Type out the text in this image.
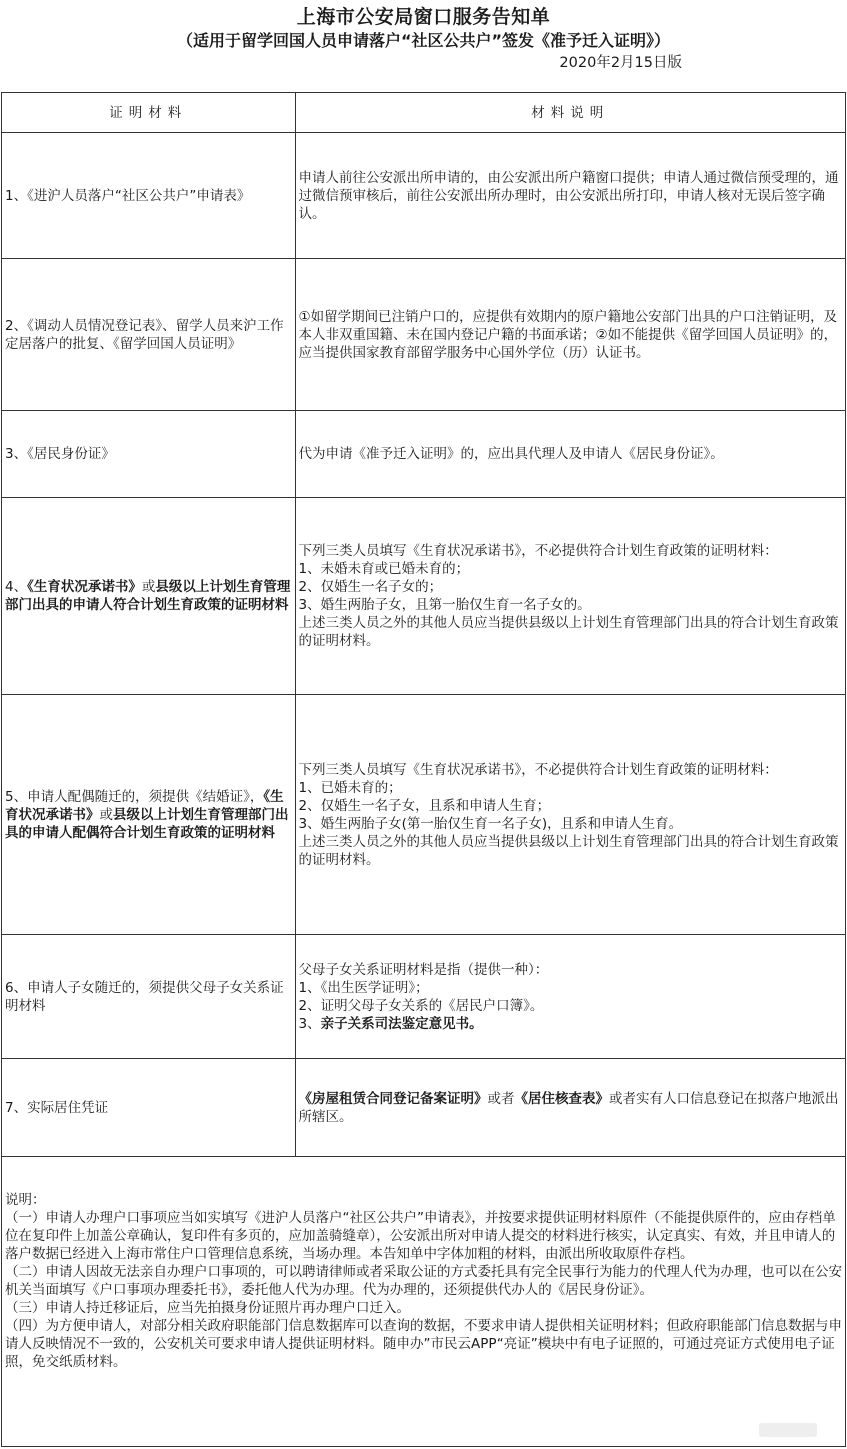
上海市公安局窗口服务告知单
（适用于留学回国人员申请落户“社区公共户”签发《准予迁入证明》）
2020年2月15日版
证明材料	材料说明
1、《进沪人员落户“社区公共户”申请表》	申请人前往公安派出所申请的，由公安派出所户籍窗口提供；申请人通过微信预受理的，通过微信预审核后，前往公安派出所办理时，由公安派出所打印，申请人核对无误后签字确认。
2、《调动人员情况登记表》、留学人员来沪工作定居落户的批复、《留学回国人员证明》	①如留学期间已注销户口的，应提供有效期内的原户籍地公安部门出具的户口注销证明，及本人非双重国籍、未在国内登记户籍的书面承诺；②如不能提供《留学回国人员证明》的，应当提供国家教育部留学服务中心国外学位（历）认证书。
3、《居民身份证》	代为申请《准予迁入证明》的，应出具代理人及申请人《居民身份证》。
4、《生育状况承诺书》或县级以上计划生育管理部门出具的申请人符合计划生育政策的证明材料	下列三类人员填写《生育状况承诺书》，不必提供符合计划生育政策的证明材料：
1、未婚未育或已婚未育的；
2、仅婚生一名子女的；
3、婚生两胎子女，且第一胎仅生育一名子女的。
上述三类人员之外的其他人员应当提供县级以上计划生育管理部门出具的符合计划生育政策的证明材料。

5、申请人配偶随迁的，须提供《结婚证》，《生育状况承诺书》或县级以上计划生育管理部门出具的申请人配偶符合计划生育政策的证明材料	下列三类人员填写《生育状况承诺书》，不必提供符合计划生育政策的证明材料：
1、已婚未育的；
2、仅婚生一名子女，且系和申请人生育；
3、婚生两胎子女(第一胎仅生育一名子女)，且系和申请人生育。
上述三类人员之外的其他人员应当提供县级以上计划生育管理部门出具的符合计划生育政策的证明材料。

6、申请人子女随迁的，须提供父母子女关系证明材料	父母子女关系证明材料是指（提供一种）：
1、《出生医学证明》；
2、证明父母子女关系的《居民户口簿》。
3、亲子关系司法鉴定意见书。

7、实际居住凭证	《房屋租赁合同登记备案证明》或者《居住核查表》或者实有人口信息登记在拟落户地派出所辖区。

说明：

（一）申请人办理户口事项应当如实填写《进沪人员落户“社区公共户”申请表》，并按要求提供证明材料原件（不能提供原件的，应由存档单位在复印件上加盖公章确认，复印件有多页的，应加盖骑缝章），公安派出所对申请人提交的材料进行核实，认定真实、有效，并且申请人的落户数据已经进入上海市常住户口管理信息系统，当场办理。本告知单中字体加粗的材料，由派出所收取原件存档。

（二）申请人因故无法亲自办理户口事项的，可以聘请律师或者采取公证的方式委托具有完全民事行为能力的代理人代为办理，也可以在公安机关当面填写《户口事项办理委托书》，委托他人代为办理。代为办理的，还须提供代办人的《居民身份证》。

（三）申请人持迁移证后，应当先拍摄身份证照片再办理户口迁入。

（四）为方便申请人，对部分相关政府职能部门信息数据库可以查询的数据，不要求申请人提供相关证明材料；但政府职能部门信息数据与申请人反映情况不一致的，公安机关可要求申请人提供证明材料。随申办”市民云APP“亮证”模块中有电子证照的，可通过亮证方式使用电子证照，免交纸质材料。	
